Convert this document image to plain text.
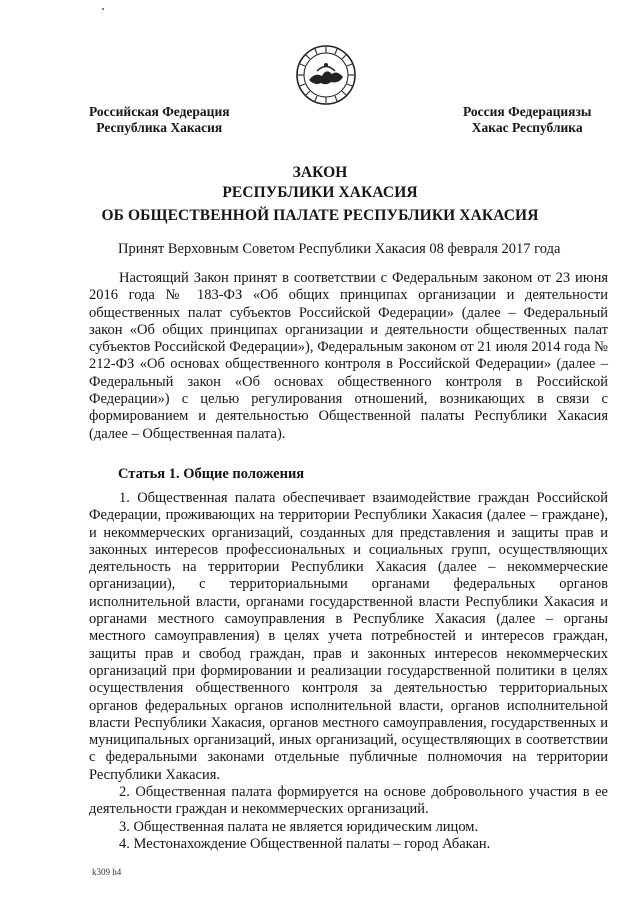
Российская Федерация
Республика Хакасия
Россия Федерациязы
Хакас Республика
ЗАКОН
РЕСПУБЛИКИ ХАКАСИЯ
ОБ ОБЩЕСТВЕННОЙ ПАЛАТЕ РЕСПУБЛИКИ ХАКАСИЯ
Принят Верховным Советом Республики Хакасия 08 февраля 2017 года

Настоящий Закон принят в соответствии с Федеральным законом от 23 июня 2016 года № 183-ФЗ «Об общих принципах организации и деятельности общественных палат субъектов Российской Федерации» (далее – Федеральный закон «Об общих принципах организации и деятельности общественных палат субъектов Российской Федерации»), Федеральным законом от 21 июля 2014 года № 212-ФЗ «Об основах общественного контроля в Российской Федерации» (далее – Федеральный закон «Об основах общественного контроля в Российской Федерации») с целью регулирования отношений, возникающих в связи с формированием и деятельностью Общественной палаты Республики Хакасия (далее – Общественная палата).

Статья 1. Общие положения

1. Общественная палата обеспечивает взаимодействие граждан Российской Федерации, проживающих на территории Республики Хакасия (далее – граждане), и некоммерческих организаций, созданных для представления и защиты прав и законных интересов профессиональных и социальных групп, осуществляющих деятельность на территории Республики Хакасия (далее – некоммерческие организации), с территориальными органами федеральных органов исполнительной власти, органами государственной власти Республики Хакасия и органами местного самоуправления в Республике Хакасия (далее – органы местного самоуправления) в целях учета потребностей и интересов граждан, защиты прав и свобод граждан, прав и законных интересов некоммерческих организаций при формировании и реализации государственной политики в целях осуществления общественного контроля за деятельностью территориальных органов федеральных органов исполнительной власти, органов исполнительной власти Республики Хакасия, органов местного самоуправления, государственных и муниципальных организаций, иных организаций, осуществляющих в соответствии с федеральными законами отдельные публичные полномочия на территории Республики Хакасия.

2. Общественная палата формируется на основе добровольного участия в ее деятельности граждан и некоммерческих организаций.

3. Общественная палата не является юридическим лицом.

4. Местонахождение Общественной палаты – город Абакан.

k309 h4
